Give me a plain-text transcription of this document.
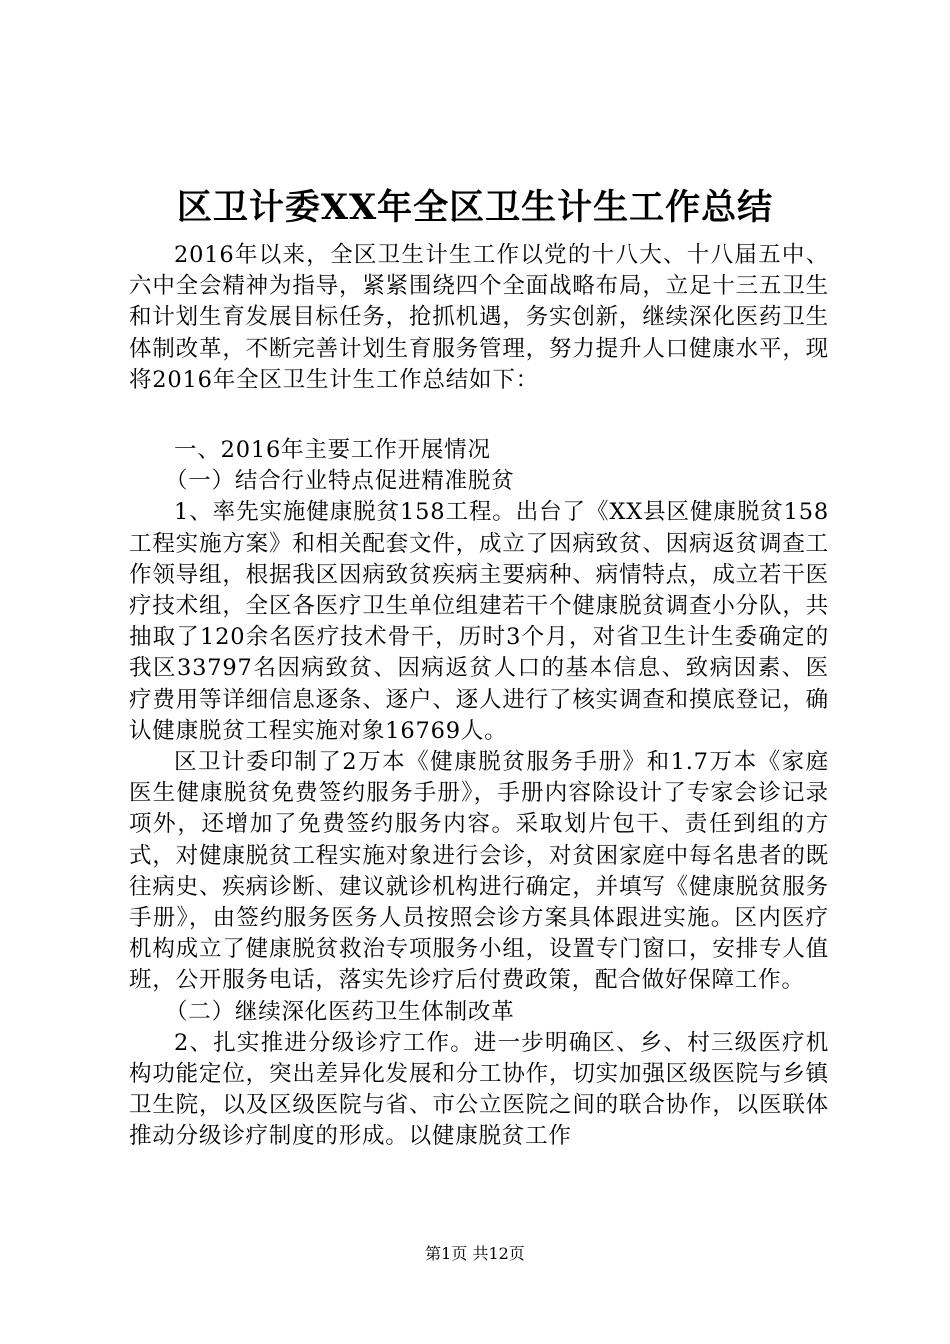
区卫计委XX年全区卫生计生工作总结

2016年以来，全区卫生计生工作以党的十八大、十八届五中、六中全会精神为指导，紧紧围绕四个全面战略布局，立足十三五卫生和计划生育发展目标任务，抢抓机遇，务实创新，继续深化医药卫生体制改革，不断完善计划生育服务管理，努力提升人口健康水平，现将2016年全区卫生计生工作总结如下：

一、2016年主要工作开展情况

（一）结合行业特点促进精准脱贫

1、率先实施健康脱贫158工程。出台了《XX县区健康脱贫158工程实施方案》和相关配套文件，成立了因病致贫、因病返贫调查工作领导组，根据我区因病致贫疾病主要病种、病情特点，成立若干医疗技术组，全区各医疗卫生单位组建若干个健康脱贫调查小分队，共抽取了120余名医疗技术骨干，历时3个月，对省卫生计生委确定的我区33797名因病致贫、因病返贫人口的基本信息、致病因素、医疗费用等详细信息逐条、逐户、逐人进行了核实调查和摸底登记，确认健康脱贫工程实施对象16769人。

区卫计委印制了2万本《健康脱贫服务手册》和1.7万本《家庭医生健康脱贫免费签约服务手册》，手册内容除设计了专家会诊记录项外，还增加了免费签约服务内容。采取划片包干、责任到组的方式，对健康脱贫工程实施对象进行会诊，对贫困家庭中每名患者的既往病史、疾病诊断、建议就诊机构进行确定，并填写《健康脱贫服务手册》，由签约服务医务人员按照会诊方案具体跟进实施。区内医疗机构成立了健康脱贫救治专项服务小组，设置专门窗口，安排专人值班，公开服务电话，落实先诊疗后付费政策，配合做好保障工作。

（二）继续深化医药卫生体制改革

2、扎实推进分级诊疗工作。进一步明确区、乡、村三级医疗机构功能定位，突出差异化发展和分工协作，切实加强区级医院与乡镇卫生院，以及区级医院与省、市公立医院之间的联合协作，以医联体推动分级诊疗制度的形成。以健康脱贫工作

第1页 共12页
